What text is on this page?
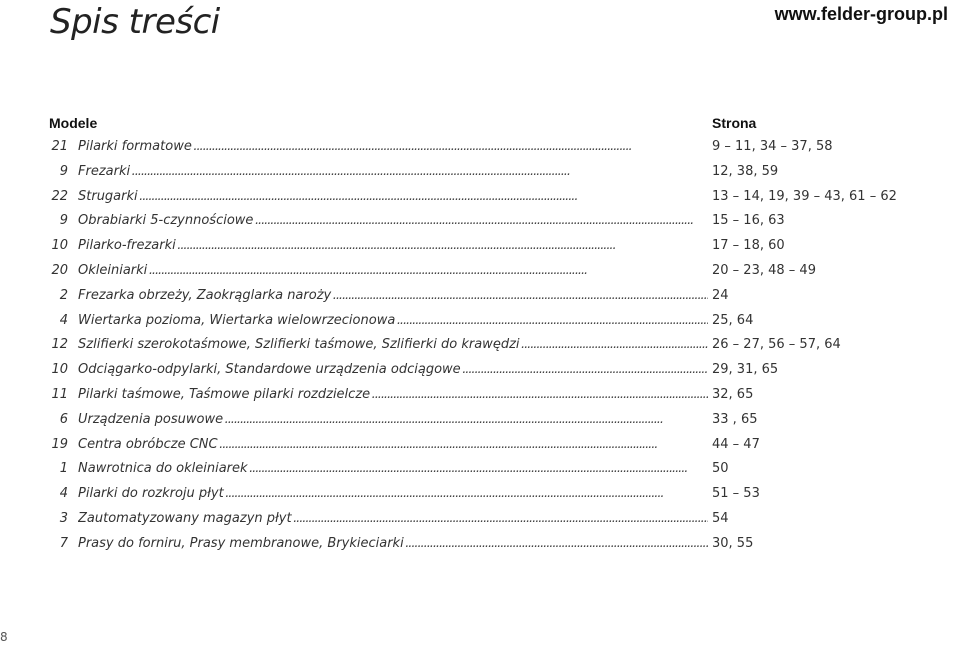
Spis treści	www.felder-group.pl
Modele	Strona
21 Pilarki formatowe . . .	9 – 11, 34 – 37, 58
9 Frezarki . . .	12, 38, 59
22 Strugarki . . .	13 – 14, 19, 39 – 43, 61 – 62
9 Obrabiarki 5-czynnościowe . . .	15 – 16, 63
10 Pilarko-frezarki . . .	17 – 18, 60
20 Okleiniarki . . .	20 – 23, 48 – 49
2 Frezarka obrzeży, Zaokrąglarka naroży . . .	24
4 Wiertarka pozioma, Wiertarka wielowrzecionowa . . .	25, 64
12 Szlifierki szerokotaśmowe, Szlifierki taśmowe, Szlifierki do krawędzi . . .	26 – 27, 56 – 57, 64
10 Odciągarko-odpylarki, Standardowe urządzenia odciągowe . . .	29, 31, 65
11 Pilarki taśmowe, Taśmowe pilarki rozdzielcze . . .	32, 65
6 Urządzenia posuwowe . . .	33 , 65
19 Centra obróbcze CNC . . .	44 – 47
1 Nawrotnica do okleiniarek . . .	50
4 Pilarki do rozkroju płyt . . .	51 – 53
3 Zautomatyzowany magazyn płyt . . .	54
7 Prasy do forniru, Prasy membranowe, Brykieciarki . . .	30, 55
8
